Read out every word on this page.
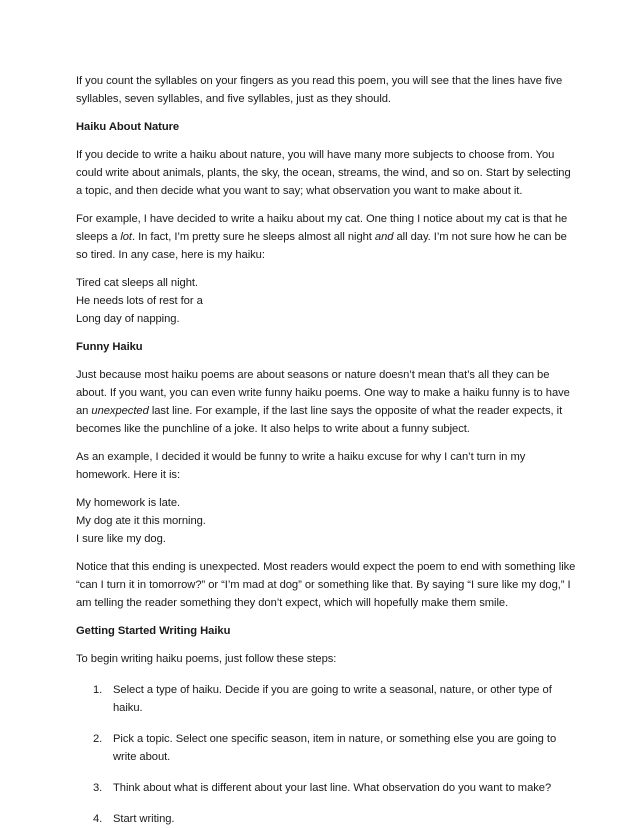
If you count the syllables on your fingers as you read this poem, you will see that the lines have five syllables, seven syllables, and five syllables, just as they should.

Haiku About Nature

If you decide to write a haiku about nature, you will have many more subjects to choose from. You could write about animals, plants, the sky, the ocean, streams, the wind, and so on. Start by selecting a topic, and then decide what you want to say; what observation you want to make about it.

For example, I have decided to write a haiku about my cat. One thing I notice about my cat is that he sleeps a lot. In fact, I’m pretty sure he sleeps almost all night and all day. I’m not sure how he can be so tired. In any case, here is my haiku:

Tired cat sleeps all night.
He needs lots of rest for a
Long day of napping.
Funny Haiku

Just because most haiku poems are about seasons or nature doesn’t mean that’s all they can be about. If you want, you can even write funny haiku poems. One way to make a haiku funny is to have an unexpected last line. For example, if the last line says the opposite of what the reader expects, it becomes like the punchline of a joke. It also helps to write about a funny subject.

As an example, I decided it would be funny to write a haiku excuse for why I can’t turn in my homework. Here it is:

My homework is late.
My dog ate it this morning.
I sure like my dog.

Notice that this ending is unexpected. Most readers would expect the poem to end with something like “can I turn it in tomorrow?” or “I’m mad at dog” or something like that. By saying “I sure like my dog,” I am telling the reader something they don’t expect, which will hopefully make them smile.

Getting Started Writing Haiku

To begin writing haiku poems, just follow these steps:

1. Select a type of haiku. Decide if you are going to write a seasonal, nature, or other type of haiku.
2. Pick a topic. Select one specific season, item in nature, or something else you are going to write about.
3. Think about what is different about your last line. What observation do you want to make?
4. Start writing.
